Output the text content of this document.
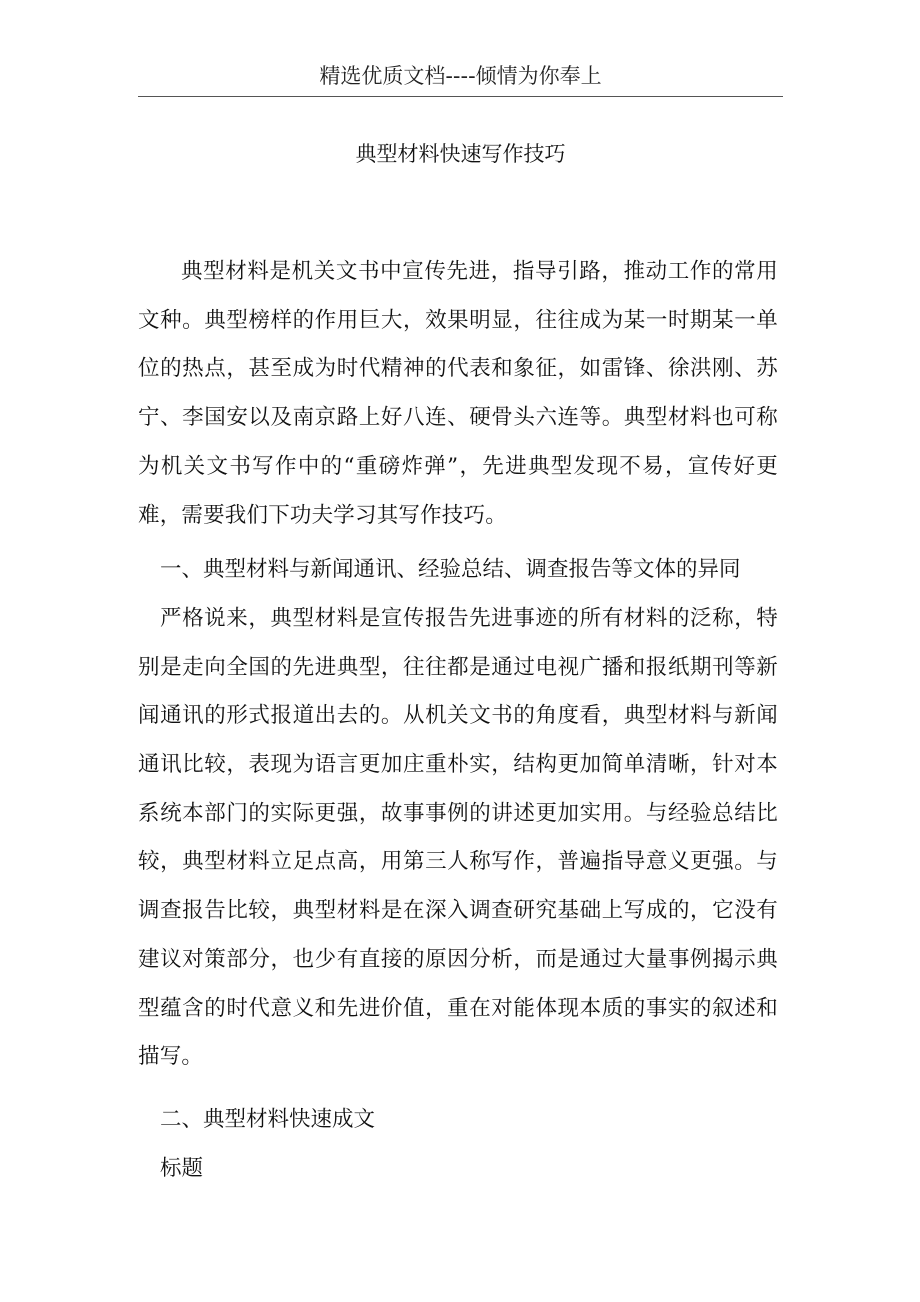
精选优质文档----倾情为你奉上
典型材料快速写作技巧

典型材料是机关文书中宣传先进，指导引路，推动工作的常用文种。典型榜样的作用巨大，效果明显，往往成为某一时期某一单位的热点，甚至成为时代精神的代表和象征，如雷锋、徐洪刚、苏宁、李国安以及南京路上好八连、硬骨头六连等。典型材料也可称为机关文书写作中的“重磅炸弹”，先进典型发现不易，宣传好更难，需要我们下功夫学习其写作技巧。

一、典型材料与新闻通讯、经验总结、调查报告等文体的异同

严格说来，典型材料是宣传报告先进事迹的所有材料的泛称，特别是走向全国的先进典型，往往都是通过电视广播和报纸期刊等新闻通讯的形式报道出去的。从机关文书的角度看，典型材料与新闻通讯比较，表现为语言更加庄重朴实，结构更加简单清晰，针对本系统本部门的实际更强，故事事例的讲述更加实用。与经验总结比较，典型材料立足点高，用第三人称写作，普遍指导意义更强。与调查报告比较，典型材料是在深入调查研究基础上写成的，它没有建议对策部分，也少有直接的原因分析，而是通过大量事例揭示典型蕴含的时代意义和先进价值，重在对能体现本质的事实的叙述和描写。

二、典型材料快速成文

标题
